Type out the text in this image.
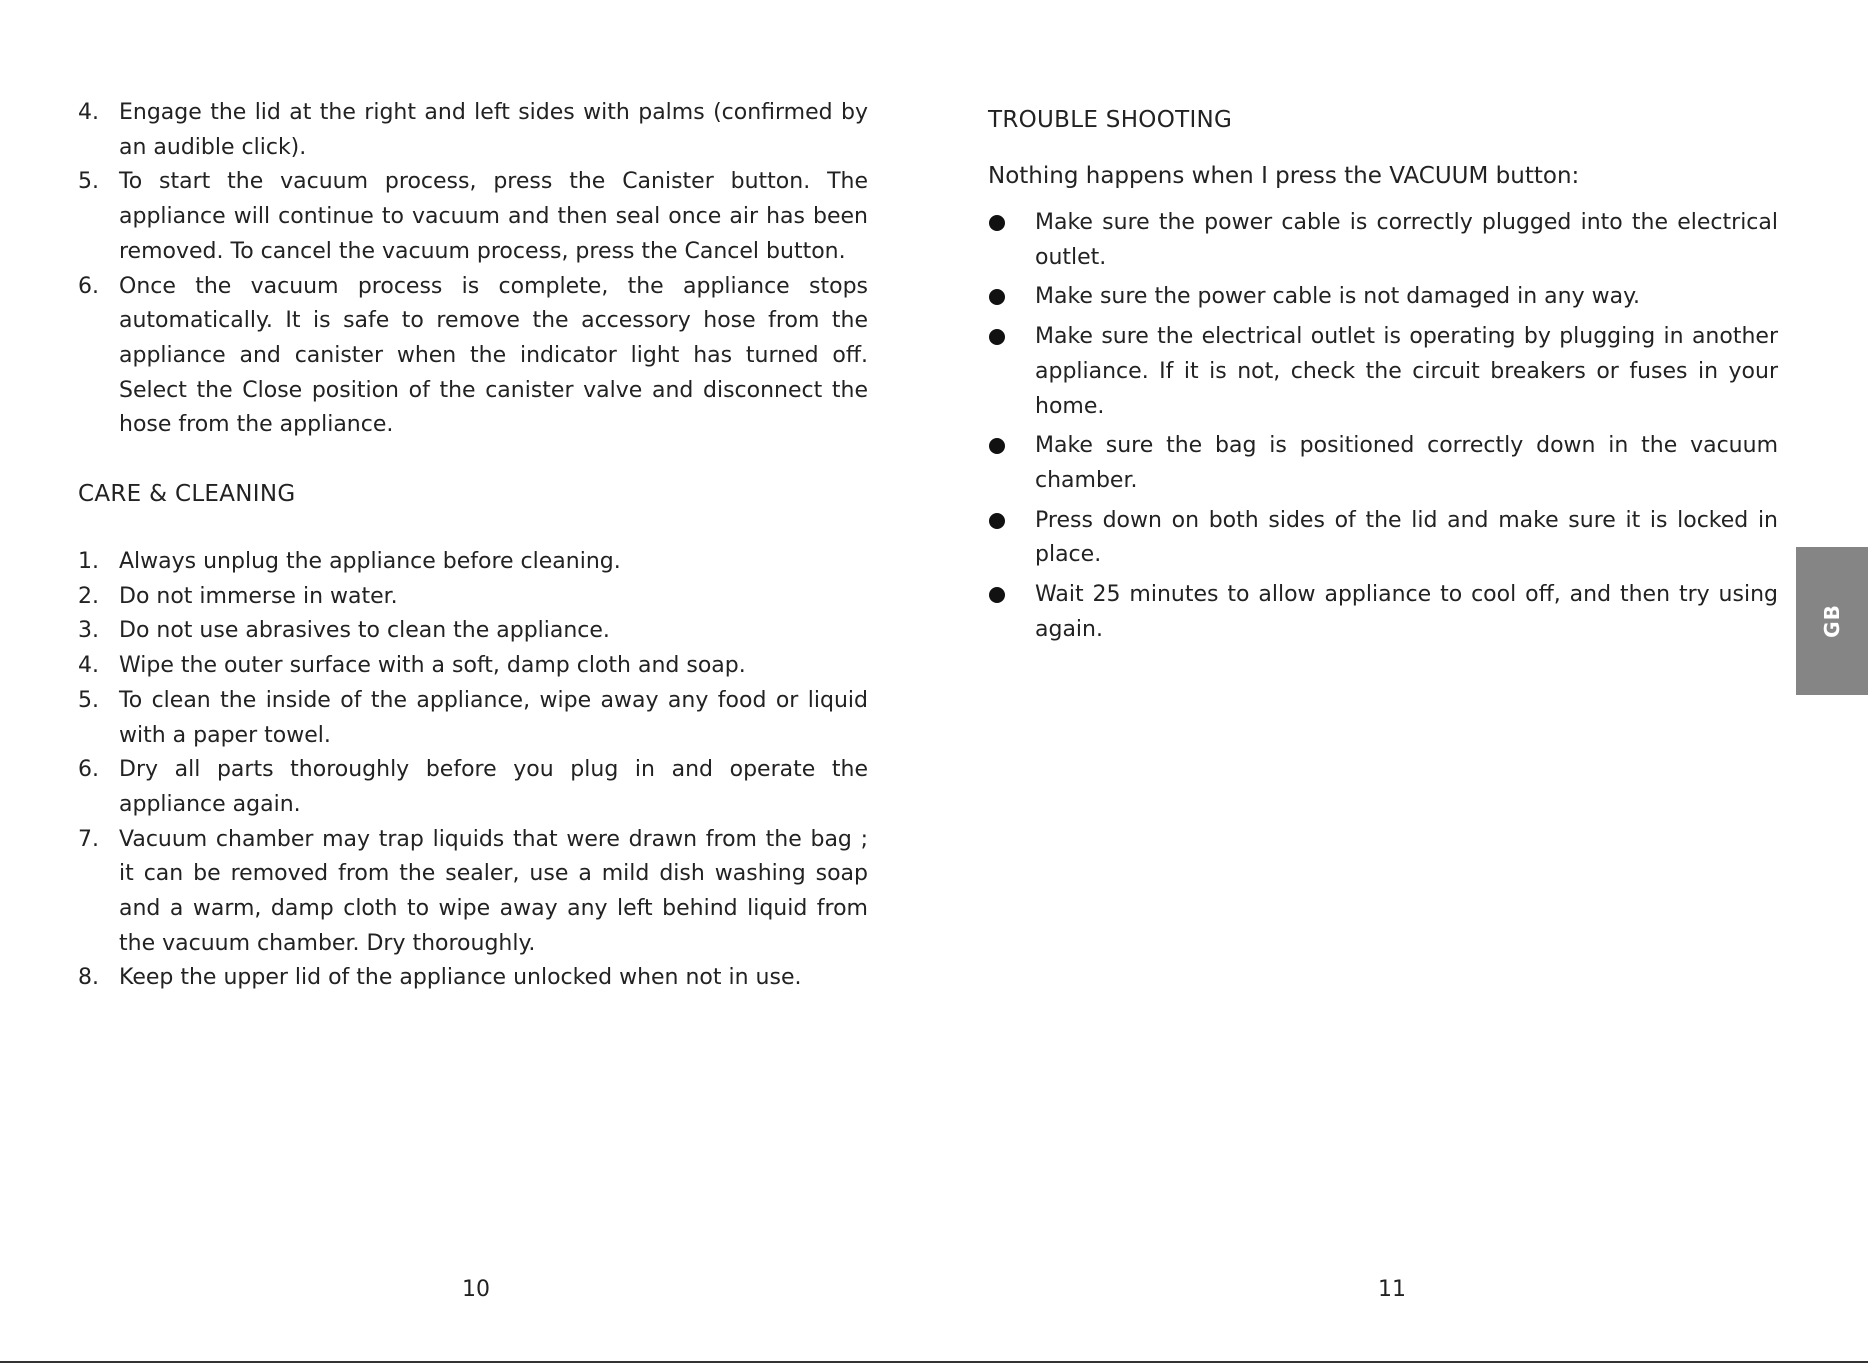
4. Engage the lid at the right and left sides with palms (confirmed by an audible click).
5. To start the vacuum process, press the Canister button. The appliance will continue to vacuum and then seal once air has been removed. To cancel the vacuum process, press the Cancel button.
6. Once the vacuum process is complete, the appliance stops automatically. It is safe to remove the accessory hose from the appliance and canister when the indicator light has turned off. Select the Close position of the canister valve and disconnect the hose from the appliance.
CARE & CLEANING
1. Always unplug the appliance before cleaning.
2. Do not immerse in water.
3. Do not use abrasives to clean the appliance.
4. Wipe the outer surface with a soft, damp cloth and soap.
5. To clean the inside of the appliance, wipe away any food or liquid with a paper towel.
6. Dry all parts thoroughly before you plug in and operate the appliance again.
7. Vacuum chamber may trap liquids that were drawn from the bag ; it can be removed from the sealer, use a mild dish washing soap and a warm, damp cloth to wipe away any left behind liquid from the vacuum chamber. Dry thoroughly.
8. Keep the upper lid of the appliance unlocked when not in use.
10
TROUBLE SHOOTING
Nothing happens when I press the VACUUM button:
Make sure the power cable is correctly plugged into the electrical outlet.
Make sure the power cable is not damaged in any way.
Make sure the electrical outlet is operating by plugging in another appliance. If it is not, check the circuit breakers or fuses in your home.
Make sure the bag is positioned correctly down in the vacuum chamber.
Press down on both sides of the lid and make sure it is locked in place.
Wait 25 minutes to allow appliance to cool off, and then try using again.
11
GB
